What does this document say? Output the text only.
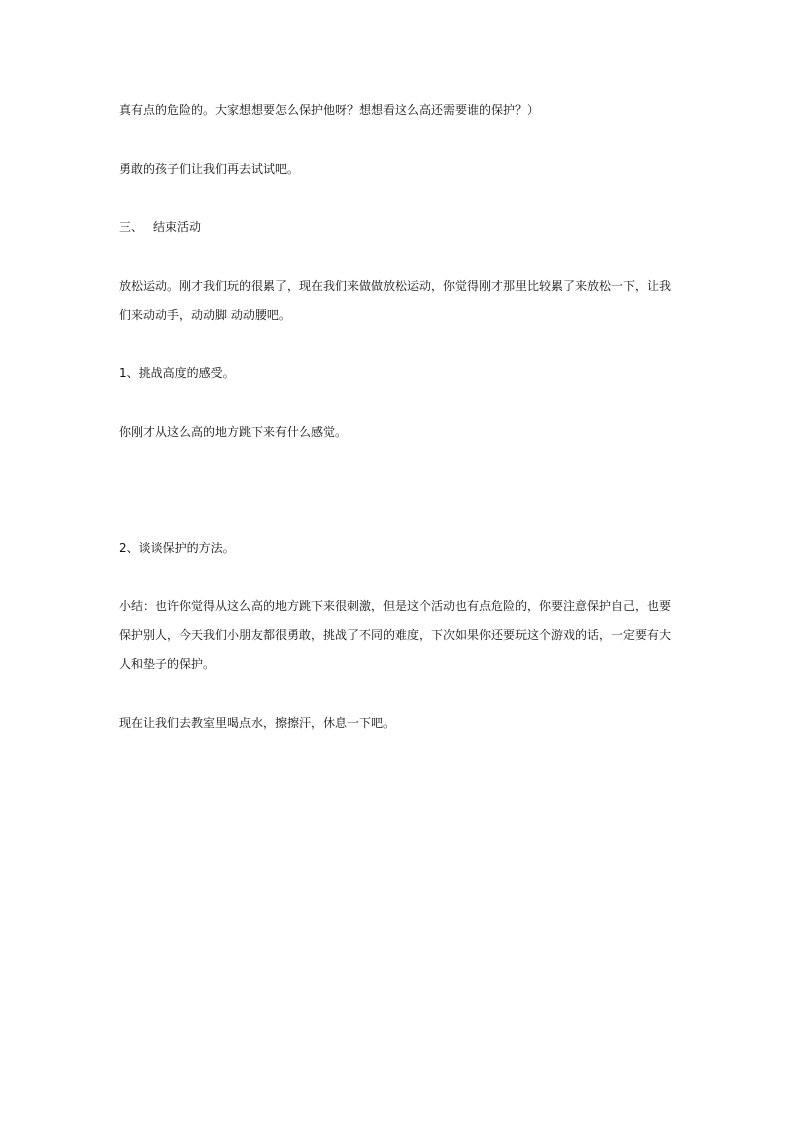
真有点的危险的。大家想想要怎么保护他呀？想想看这么高还需要谁的保护？）
勇敢的孩子们让我们再去试试吧。
三、 结束活动
放松运动。刚才我们玩的很累了，现在我们来做做放松运动，你觉得刚才那里比较累了来放松一下，让我们来动动手，动动脚 动动腰吧。
1、挑战高度的感受。
你刚才从这么高的地方跳下来有什么感觉。
2、谈谈保护的方法。
小结：也许你觉得从这么高的地方跳下来很刺激，但是这个活动也有点危险的，你要注意保护自己，也要保护别人，今天我们小朋友都很勇敢，挑战了不同的难度，下次如果你还要玩这个游戏的话，一定要有大人和垫子的保护。
现在让我们去教室里喝点水，擦擦汗，休息一下吧。
